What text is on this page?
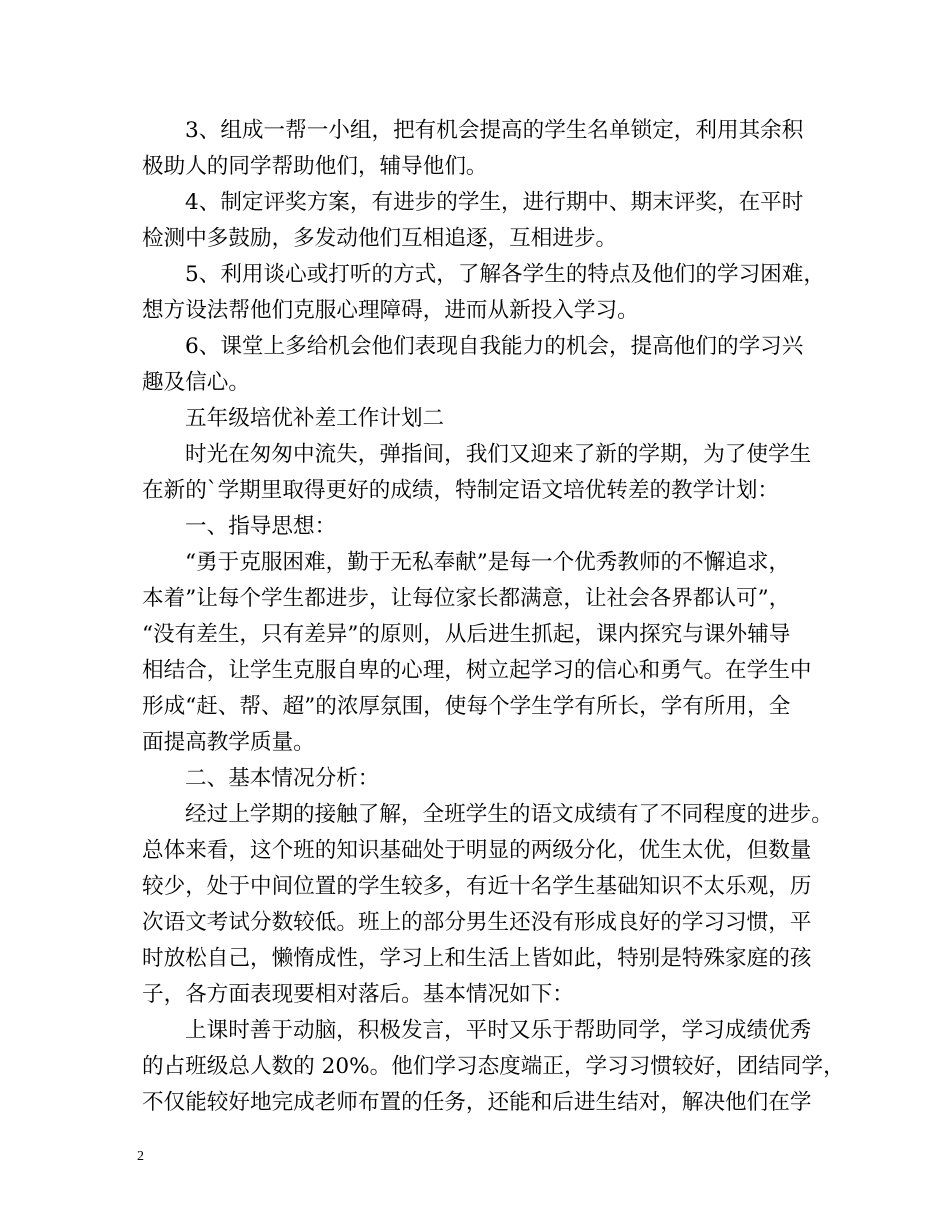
3、组成一帮一小组，把有机会提高的学生名单锁定，利用其余积
极助人的同学帮助他们，辅导他们。
4、制定评奖方案，有进步的学生，进行期中、期末评奖，在平时
检测中多鼓励，多发动他们互相追逐，互相进步。
5、利用谈心或打听的方式，了解各学生的特点及他们的学习困难，
想方设法帮他们克服心理障碍，进而从新投入学习。
6、课堂上多给机会他们表现自我能力的机会，提高他们的学习兴
趣及信心。
五年级培优补差工作计划二
时光在匆匆中流失，弹指间，我们又迎来了新的学期，为了使学生
在新的`学期里取得更好的成绩，特制定语文培优转差的教学计划：
一、指导思想：
“勇于克服困难，勤于无私奉献”是每一个优秀教师的不懈追求，
本着”让每个学生都进步，让每位家长都满意，让社会各界都认可”，
“没有差生，只有差异”的原则，从后进生抓起，课内探究与课外辅导
相结合，让学生克服自卑的心理，树立起学习的信心和勇气。在学生中
形成“赶、帮、超”的浓厚氛围，使每个学生学有所长，学有所用，全
面提高教学质量。
二、基本情况分析：
经过上学期的接触了解，全班学生的语文成绩有了不同程度的进步。
总体来看，这个班的知识基础处于明显的两级分化，优生太优，但数量
较少，处于中间位置的学生较多，有近十名学生基础知识不太乐观，历
次语文考试分数较低。班上的部分男生还没有形成良好的学习习惯，平
时放松自己，懒惰成性，学习上和生活上皆如此，特别是特殊家庭的孩
子，各方面表现要相对落后。基本情况如下：
上课时善于动脑，积极发言，平时又乐于帮助同学，学习成绩优秀
的占班级总人数的 20%。他们学习态度端正，学习习惯较好，团结同学，
不仅能较好地完成老师布置的任务，还能和后进生结对，解决他们在学
2
